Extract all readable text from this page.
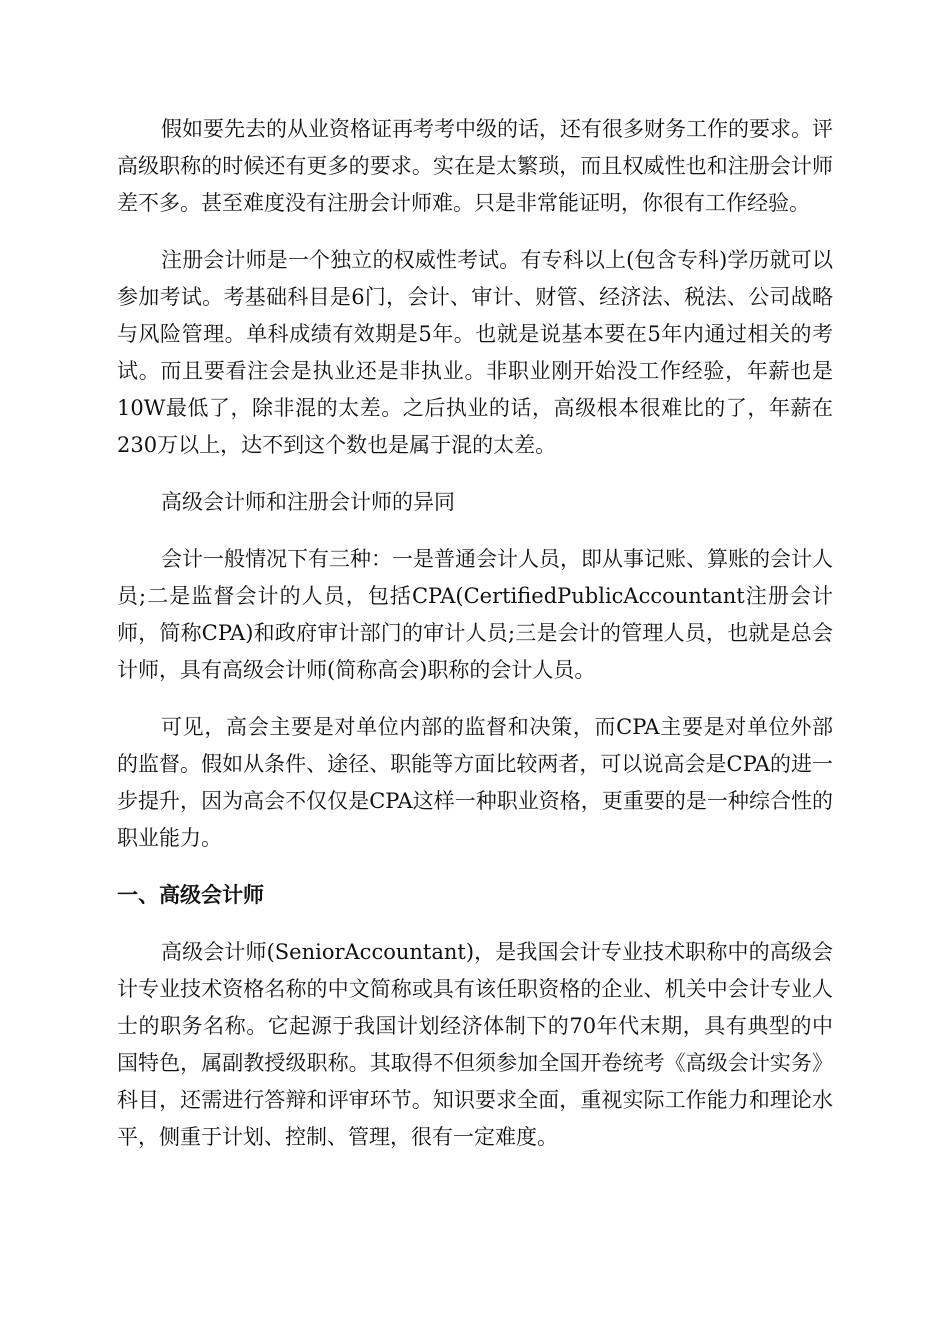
假如要先去的从业资格证再考考中级的话，还有很多财务工作的要求。评高级职称的时候还有更多的要求。实在是太繁琐，而且权威性也和注册会计师差不多。甚至难度没有注册会计师难。只是非常能证明，你很有工作经验。

注册会计师是一个独立的权威性考试。有专科以上(包含专科)学历就可以参加考试。考基础科目是6门，会计、审计、财管、经济法、税法、公司战略与风险管理。单科成绩有效期是5年。也就是说基本要在5年内通过相关的考试。而且要看注会是执业还是非执业。非职业刚开始没工作经验，年薪也是10W最低了，除非混的太差。之后执业的话，高级根本很难比的了，年薪在230万以上，达不到这个数也是属于混的太差。

高级会计师和注册会计师的异同

会计一般情况下有三种：一是普通会计人员，即从事记账、算账的会计人员;二是监督会计的人员，包括CPA(CertifiedPublicAccountant注册会计师，简称CPA)和政府审计部门的审计人员;三是会计的管理人员，也就是总会计师，具有高级会计师(简称高会)职称的会计人员。

可见，高会主要是对单位内部的监督和决策，而CPA主要是对单位外部的监督。假如从条件、途径、职能等方面比较两者，可以说高会是CPA的进一步提升，因为高会不仅仅是CPA这样一种职业资格，更重要的是一种综合性的职业能力。

一、高级会计师

高级会计师(SeniorAccountant)，是我国会计专业技术职称中的高级会计专业技术资格名称的中文简称或具有该任职资格的企业、机关中会计专业人士的职务名称。它起源于我国计划经济体制下的70年代末期，具有典型的中国特色，属副教授级职称。其取得不但须参加全国开卷统考《高级会计实务》科目，还需进行答辩和评审环节。知识要求全面，重视实际工作能力和理论水平，侧重于计划、控制、管理，很有一定难度。
